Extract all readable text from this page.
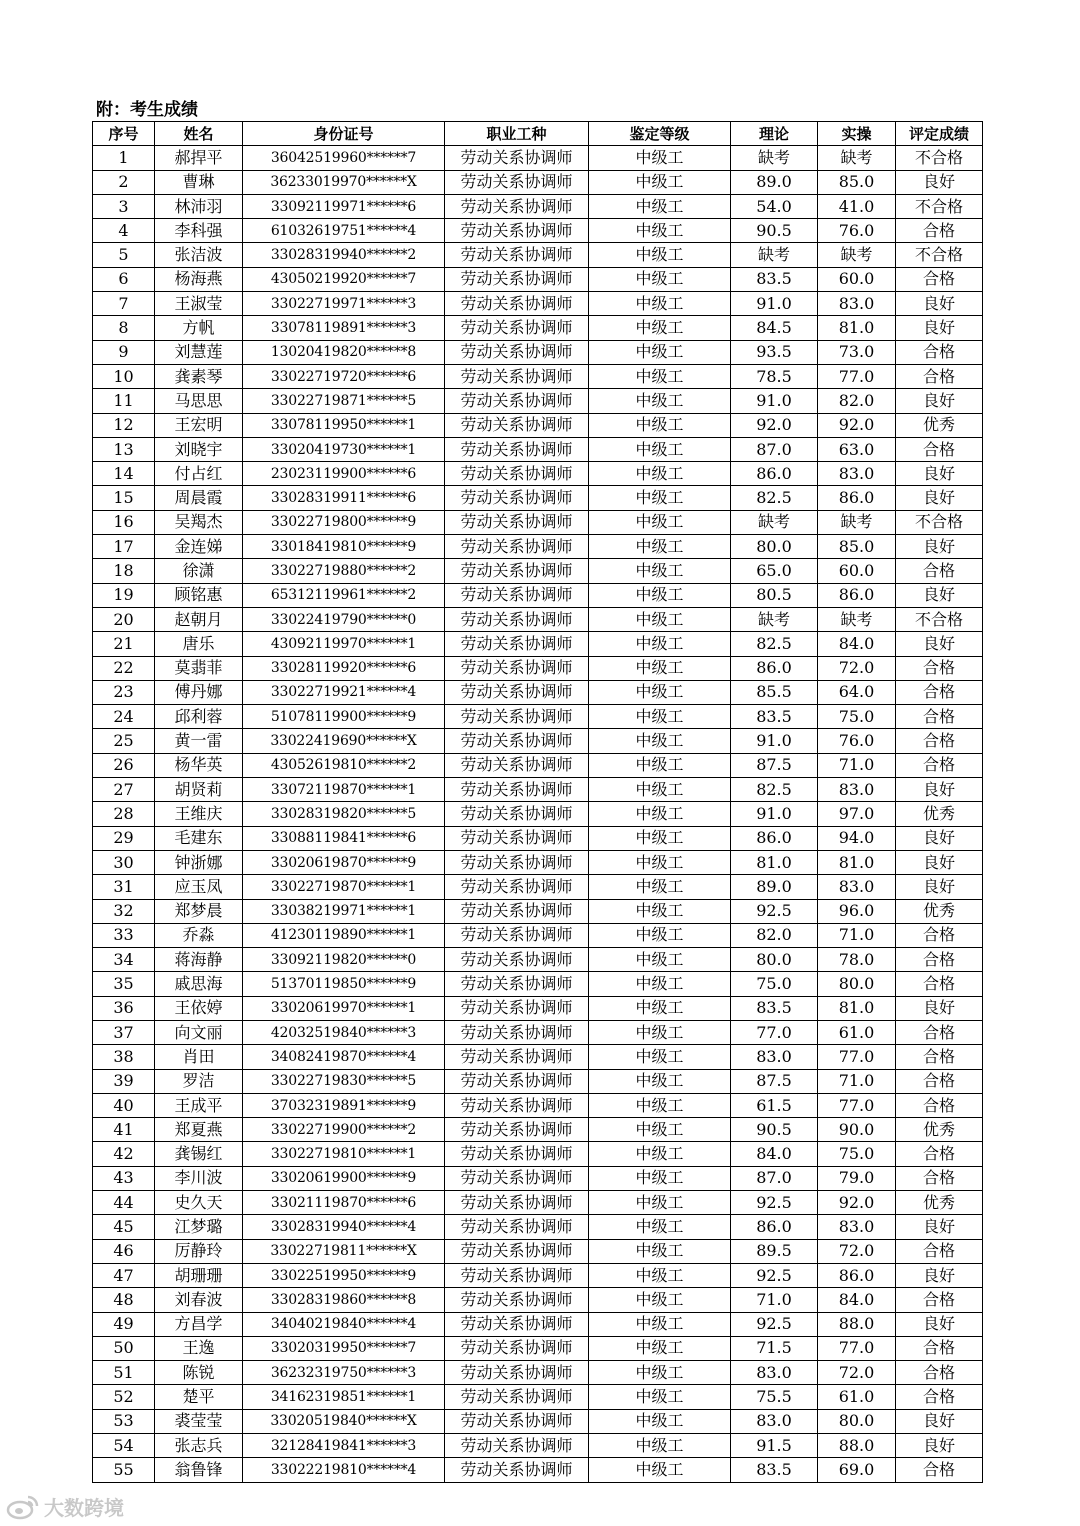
附：考生成绩
序号	姓名	身份证号	职业工种	鉴定等级	理论	实操	评定成绩
1	郝捍平	36042519960******7	劳动关系协调师	中级工	缺考	缺考	不合格
2	曹琳	36233019970******X	劳动关系协调师	中级工	89.0	85.0	良好
3	林沛羽	33092119971******6	劳动关系协调师	中级工	54.0	41.0	不合格
4	李科强	61032619751******4	劳动关系协调师	中级工	90.5	76.0	合格
5	张洁波	33028319940******2	劳动关系协调师	中级工	缺考	缺考	不合格
6	杨海燕	43050219920******7	劳动关系协调师	中级工	83.5	60.0	合格
7	王淑莹	33022719971******3	劳动关系协调师	中级工	91.0	83.0	良好
8	方帆	33078119891******3	劳动关系协调师	中级工	84.5	81.0	良好
9	刘慧莲	13020419820******8	劳动关系协调师	中级工	93.5	73.0	合格
10	龚素琴	33022719720******6	劳动关系协调师	中级工	78.5	77.0	合格
11	马思思	33022719871******5	劳动关系协调师	中级工	91.0	82.0	良好
12	王宏明	33078119950******1	劳动关系协调师	中级工	92.0	92.0	优秀
13	刘晓宇	33020419730******1	劳动关系协调师	中级工	87.0	63.0	合格
14	付占红	23023119900******6	劳动关系协调师	中级工	86.0	83.0	良好
15	周晨霞	33028319911******6	劳动关系协调师	中级工	82.5	86.0	良好
16	吴羯杰	33022719800******9	劳动关系协调师	中级工	缺考	缺考	不合格
17	金连娣	33018419810******9	劳动关系协调师	中级工	80.0	85.0	良好
18	徐潇	33022719880******2	劳动关系协调师	中级工	65.0	60.0	合格
19	顾铭惠	65312119961******2	劳动关系协调师	中级工	80.5	86.0	良好
20	赵朝月	33022419790******0	劳动关系协调师	中级工	缺考	缺考	不合格
21	唐乐	43092119970******1	劳动关系协调师	中级工	82.5	84.0	良好
22	莫翡菲	33028119920******6	劳动关系协调师	中级工	86.0	72.0	合格
23	傅丹娜	33022719921******4	劳动关系协调师	中级工	85.5	64.0	合格
24	邱利蓉	51078119900******9	劳动关系协调师	中级工	83.5	75.0	合格
25	黄一雷	33022419690******X	劳动关系协调师	中级工	91.0	76.0	合格
26	杨华英	43052619810******2	劳动关系协调师	中级工	87.5	71.0	合格
27	胡贤莉	33072119870******1	劳动关系协调师	中级工	82.5	83.0	良好
28	王维庆	33028319820******5	劳动关系协调师	中级工	91.0	97.0	优秀
29	毛建东	33088119841******6	劳动关系协调师	中级工	86.0	94.0	良好
30	钟浙娜	33020619870******9	劳动关系协调师	中级工	81.0	81.0	良好
31	应玉凤	33022719870******1	劳动关系协调师	中级工	89.0	83.0	良好
32	郑梦晨	33038219971******1	劳动关系协调师	中级工	92.5	96.0	优秀
33	乔淼	41230119890******1	劳动关系协调师	中级工	82.0	71.0	合格
34	蒋海静	33092119820******0	劳动关系协调师	中级工	80.0	78.0	合格
35	戚思海	51370119850******9	劳动关系协调师	中级工	75.0	80.0	合格
36	王依婷	33020619970******1	劳动关系协调师	中级工	83.5	81.0	良好
37	向文丽	42032519840******3	劳动关系协调师	中级工	77.0	61.0	合格
38	肖田	34082419870******4	劳动关系协调师	中级工	83.0	77.0	合格
39	罗洁	33022719830******5	劳动关系协调师	中级工	87.5	71.0	合格
40	王成平	37032319891******9	劳动关系协调师	中级工	61.5	77.0	合格
41	郑夏燕	33022719900******2	劳动关系协调师	中级工	90.5	90.0	优秀
42	龚锡红	33022719810******1	劳动关系协调师	中级工	84.0	75.0	合格
43	李川波	33020619900******9	劳动关系协调师	中级工	87.0	79.0	合格
44	史久天	33021119870******6	劳动关系协调师	中级工	92.5	92.0	优秀
45	江梦璐	33028319940******4	劳动关系协调师	中级工	86.0	83.0	良好
46	厉静玲	33022719811******X	劳动关系协调师	中级工	89.5	72.0	合格
47	胡珊珊	33022519950******9	劳动关系协调师	中级工	92.5	86.0	良好
48	刘春波	33028319860******8	劳动关系协调师	中级工	71.0	84.0	合格
49	方昌学	34040219840******4	劳动关系协调师	中级工	92.5	88.0	良好
50	王逸	33020319950******7	劳动关系协调师	中级工	71.5	77.0	合格
51	陈锐	36232319750******3	劳动关系协调师	中级工	83.0	72.0	合格
52	楚平	34162319851******1	劳动关系协调师	中级工	75.5	61.0	合格
53	裘莹莹	33020519840******X	劳动关系协调师	中级工	83.0	80.0	良好
54	张志兵	32128419841******3	劳动关系协调师	中级工	91.5	88.0	良好
55	翁鲁锋	33022219810******4	劳动关系协调师	中级工	83.5	69.0	合格
大数跨境
